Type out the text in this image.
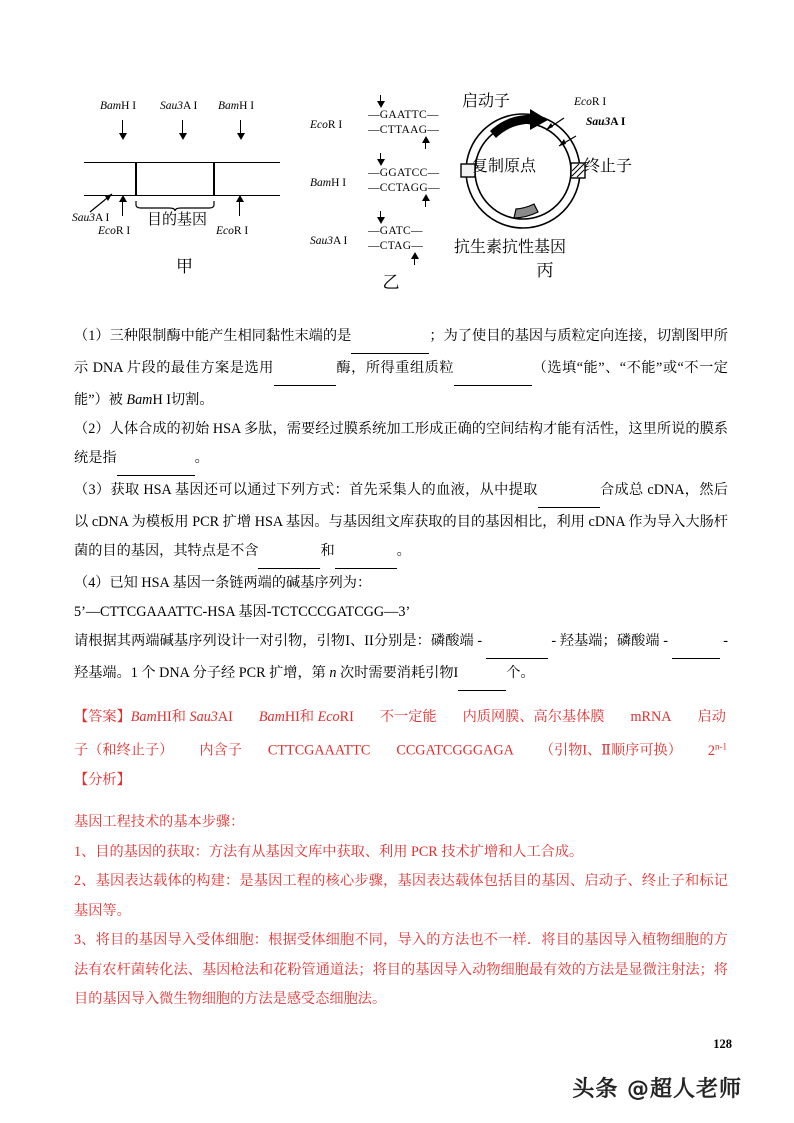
BamH I Sau3A I BamH I
Sau3A I
EcoR I	EcoR I
目的基因
甲
EcoR I
—GAATTC—
—CTTAAG—
BamH I
—GGATCC—
—CCTAGG—
Sau3A I
—GATC—
—CTAG—
乙
启动子	EcoR I
Sau3A I
复制原点	终止子
抗生素抗性基因
丙

（1）三种限制酶中能产生相同黏性末端的是	；为了使目的基因与质粒定向连接，切割图甲所示 DNA 片段的最佳方案是选用	酶，所得重组质粒	（选填“能”、“不能”或“不一定能”）被 BamH I切割。

（2）人体合成的初始 HSA 多肽，需要经过膜系统加工形成正确的空间结构才能有活性，这里所说的膜系统是指	。

（3）获取 HSA 基因还可以通过下列方式：首先采集人的血液，从中提取	合成总 cDNA，然后以 cDNA 为模板用 PCR 扩增 HSA 基因。与基因组文库获取的目的基因相比，利用 cDNA 作为导入大肠杆菌的目的基因，其特点是不含	和	。

（4）已知 HSA 基因一条链两端的碱基序列为：

5’—CTTCGAAATTC-HSA 基因-TCTCCCGATCGG—3’

请根据其两端碱基序列设计一对引物，引物I、II分别是：磷酸端 -	- 羟基端；磷酸端 -	- 羟基端。1 个 DNA 分子经 PCR 扩增，第 n 次时需要消耗引物I	个。

【答案】BamHI和 Sau3AI BamHI和 EcoRI 不一定能 内质网膜、高尔基体膜 mRNA 启动子（和终止子） 内含子 CTTCGAAATTC CCGATCGGGAGA （引物I、Ⅱ顺序可换） 2$^{n-1}$

【分析】

基因工程技术的基本步骤：

1、目的基因的获取：方法有从基因文库中获取、利用 PCR 技术扩增和人工合成。

2、基因表达载体的构建：是基因工程的核心步骤，基因表达载体包括目的基因、启动子、终止子和标记基因等。

3、将目的基因导入受体细胞：根据受体细胞不同，导入的方法也不一样．将目的基因导入植物细胞的方法有农杆菌转化法、基因枪法和花粉管通道法；将目的基因导入动物细胞最有效的方法是显微注射法；将目的基因导入微生物细胞的方法是感受态细胞法。

128
头条 @超人老师
